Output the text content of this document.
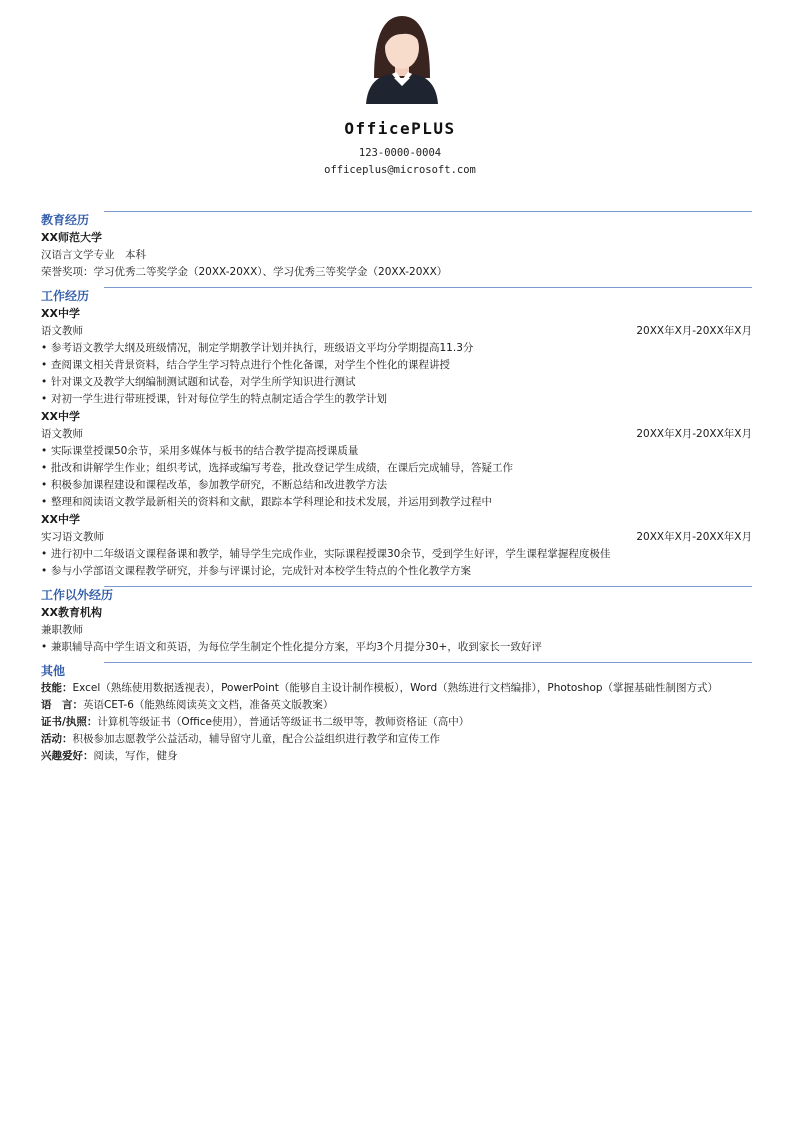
OfficePLUS
123-0000-0004
officeplus@microsoft.com
教育经历
XX师范大学
汉语言文学专业　本科
荣誉奖项：学习优秀二等奖学金（20XX-20XX）、学习优秀三等奖学金（20XX-20XX）
工作经历
XX中学
语文教师	20XX年X月-20XX年X月
• 参考语文教学大纲及班级情况，制定学期教学计划并执行，班级语文平均分学期提高11.3分
• 查阅课文相关背景资料，结合学生学习特点进行个性化备课，对学生个性化的课程讲授
• 针对课文及教学大纲编制测试题和试卷，对学生所学知识进行测试
• 对初一学生进行带班授课，针对每位学生的特点制定适合学生的教学计划
XX中学
语文教师	20XX年X月-20XX年X月
• 实际课堂授课50余节，采用多媒体与板书的结合教学提高授课质量
• 批改和讲解学生作业；组织考试，选择或编写考卷，批改登记学生成绩，在课后完成辅导，答疑工作
• 积极参加课程建设和课程改革，参加教学研究，不断总结和改进教学方法
• 整理和阅读语文教学最新相关的资料和文献，跟踪本学科理论和技术发展，并运用到教学过程中
XX中学
实习语文教师	20XX年X月-20XX年X月
• 进行初中二年级语文课程备课和教学，辅导学生完成作业，实际课程授课30余节，受到学生好评，学生课程掌握程度极佳
• 参与小学部语文课程教学研究，并参与评课讨论，完成针对本校学生特点的个性化教学方案
工作以外经历
XX教育机构
兼职教师
• 兼职辅导高中学生语文和英语，为每位学生制定个性化提分方案，平均3个月提分30+，收到家长一致好评
其他
技能：Excel（熟练使用数据透视表），PowerPoint（能够自主设计制作模板），Word（熟练进行文档编排），Photoshop（掌握基础性制图方式）
语　言：英语CET-6（能熟练阅读英文文档，准备英文版教案）
证书/执照：计算机等级证书（Office使用），普通话等级证书二级甲等，教师资格证（高中）
活动：积极参加志愿教学公益活动，辅导留守儿童，配合公益组织进行教学和宣传工作
兴趣爱好：阅读，写作，健身
